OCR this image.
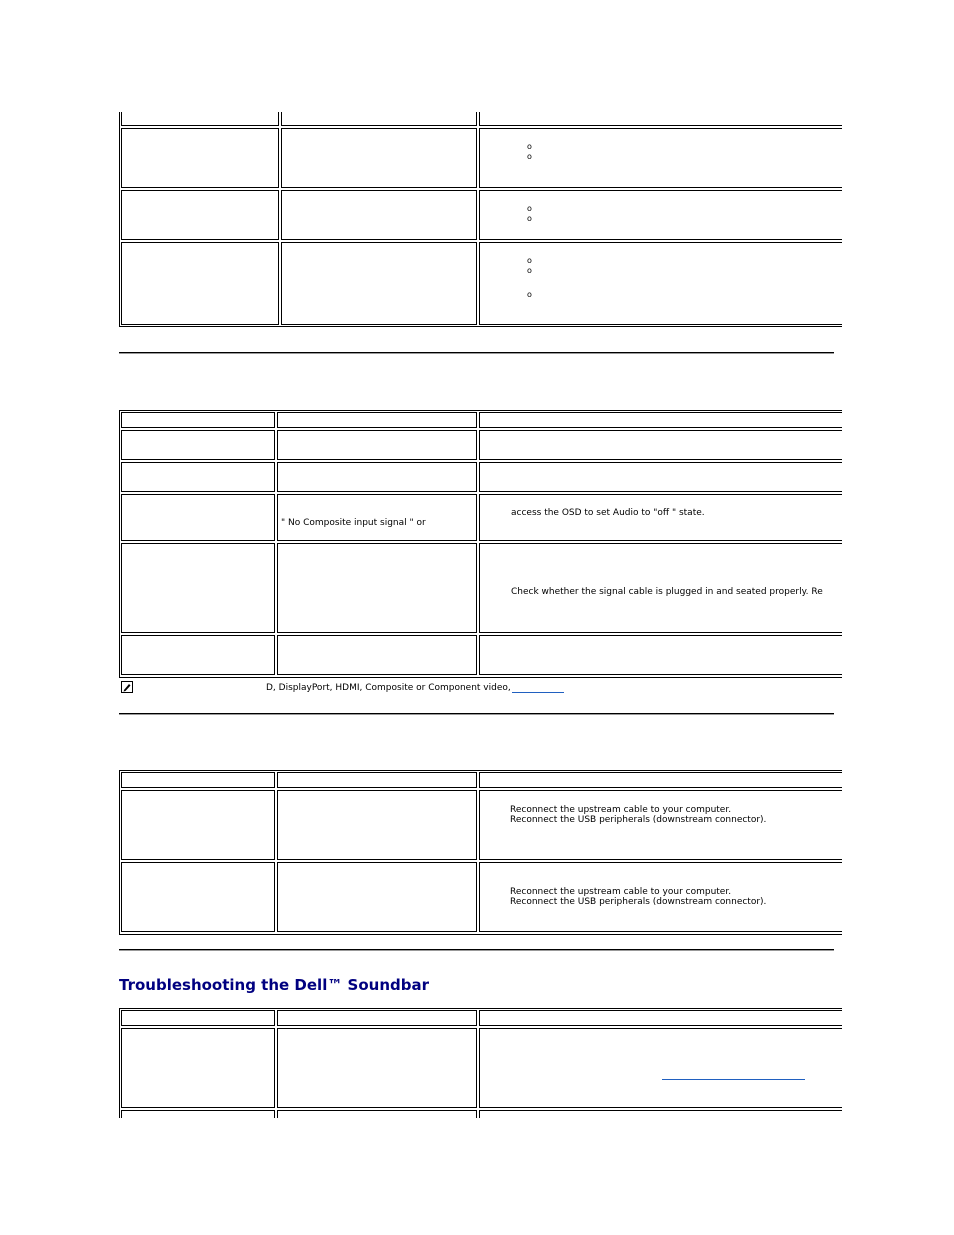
o
o
o
o
o
o
o
" No Composite input signal " or
access the OSD to set Audio to "off " state.
Check whether the signal cable is plugged in and seated properly. Re
D, DisplayPort, HDMI, Composite or Component video,
Reconnect the upstream cable to your computer.
Reconnect the USB peripherals (downstream connector).
Reconnect the upstream cable to your computer.
Reconnect the USB peripherals (downstream connector).
Troubleshooting the Dell™ Soundbar
